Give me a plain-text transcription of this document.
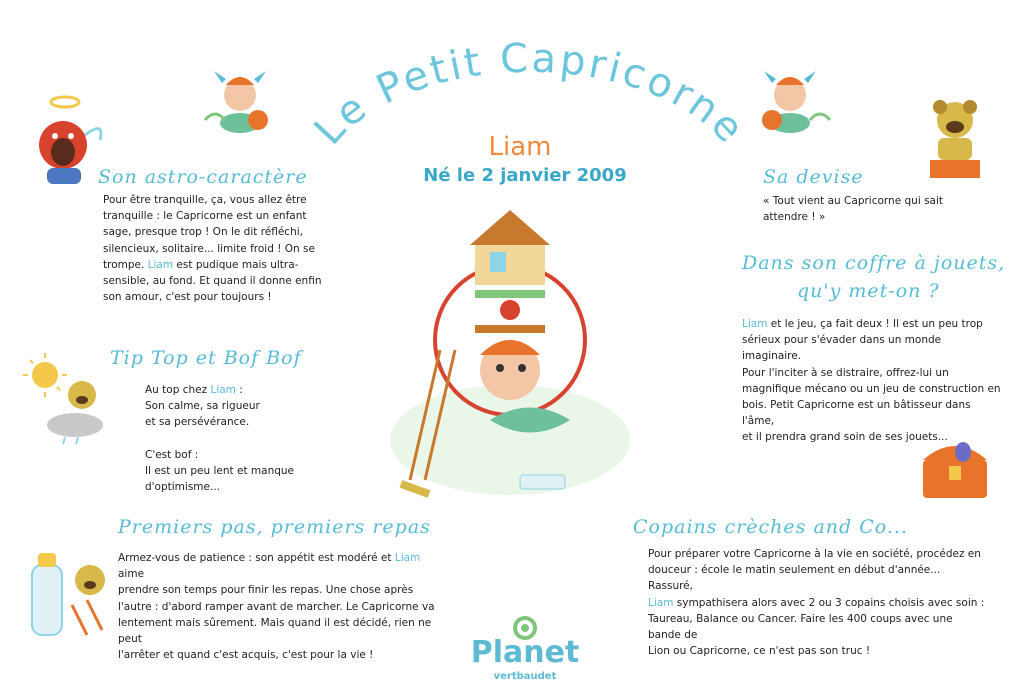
Le Petit Capricorne
Liam
Né le 2 janvier 2009
Son astro-caractère

Pour être tranquille, ça, vous allez être

tranquille : le Capricorne est un enfant

sage, presque trop ! On le dit réfléchi,

silencieux, solitaire... limite froid ! On se

trompe. Liam est pudique mais ultra-

sensible, au fond. Et quand il donne enfin

son amour, c'est pour toujours !

Tip Top et Bof Bof

Au top chez Liam :

Son calme, sa rigueur

et sa persévérance.

C'est bof :

Il est un peu lent et manque

d'optimisme...

Premiers pas, premiers repas

Armez-vous de patience : son appétit est modéré et Liam aime

prendre son temps pour finir les repas. Une chose après

l'autre : d'abord ramper avant de marcher. Le Capricorne va

lentement mais sûrement. Mais quand il est décidé, rien ne peut

l'arrêter et quand c'est acquis, c'est pour la vie !

Sa devise

« Tout vient au Capricorne qui sait

attendre ! »

Dans son coffre à jouets,
qu'y met-on ?

Liam et le jeu, ça fait deux ! Il est un peu trop

sérieux pour s'évader dans un monde imaginaire.

Pour l'inciter à se distraire, offrez-lui un

magnifique mécano ou un jeu de construction en

bois. Petit Capricorne est un bâtisseur dans l'âme,

et il prendra grand soin de ses jouets...

Copains crèches and Co...

Pour préparer votre Capricorne à la vie en société, procédez en

douceur : école le matin seulement en début d'année... Rassuré,

Liam sympathisera alors avec 2 ou 3 copains choisis avec soin :

Taureau, Balance ou Cancer. Faire les 400 coups avec une bande de

Lion ou Capricorne, ce n'est pas son truc !

Planet
vertbaudet
